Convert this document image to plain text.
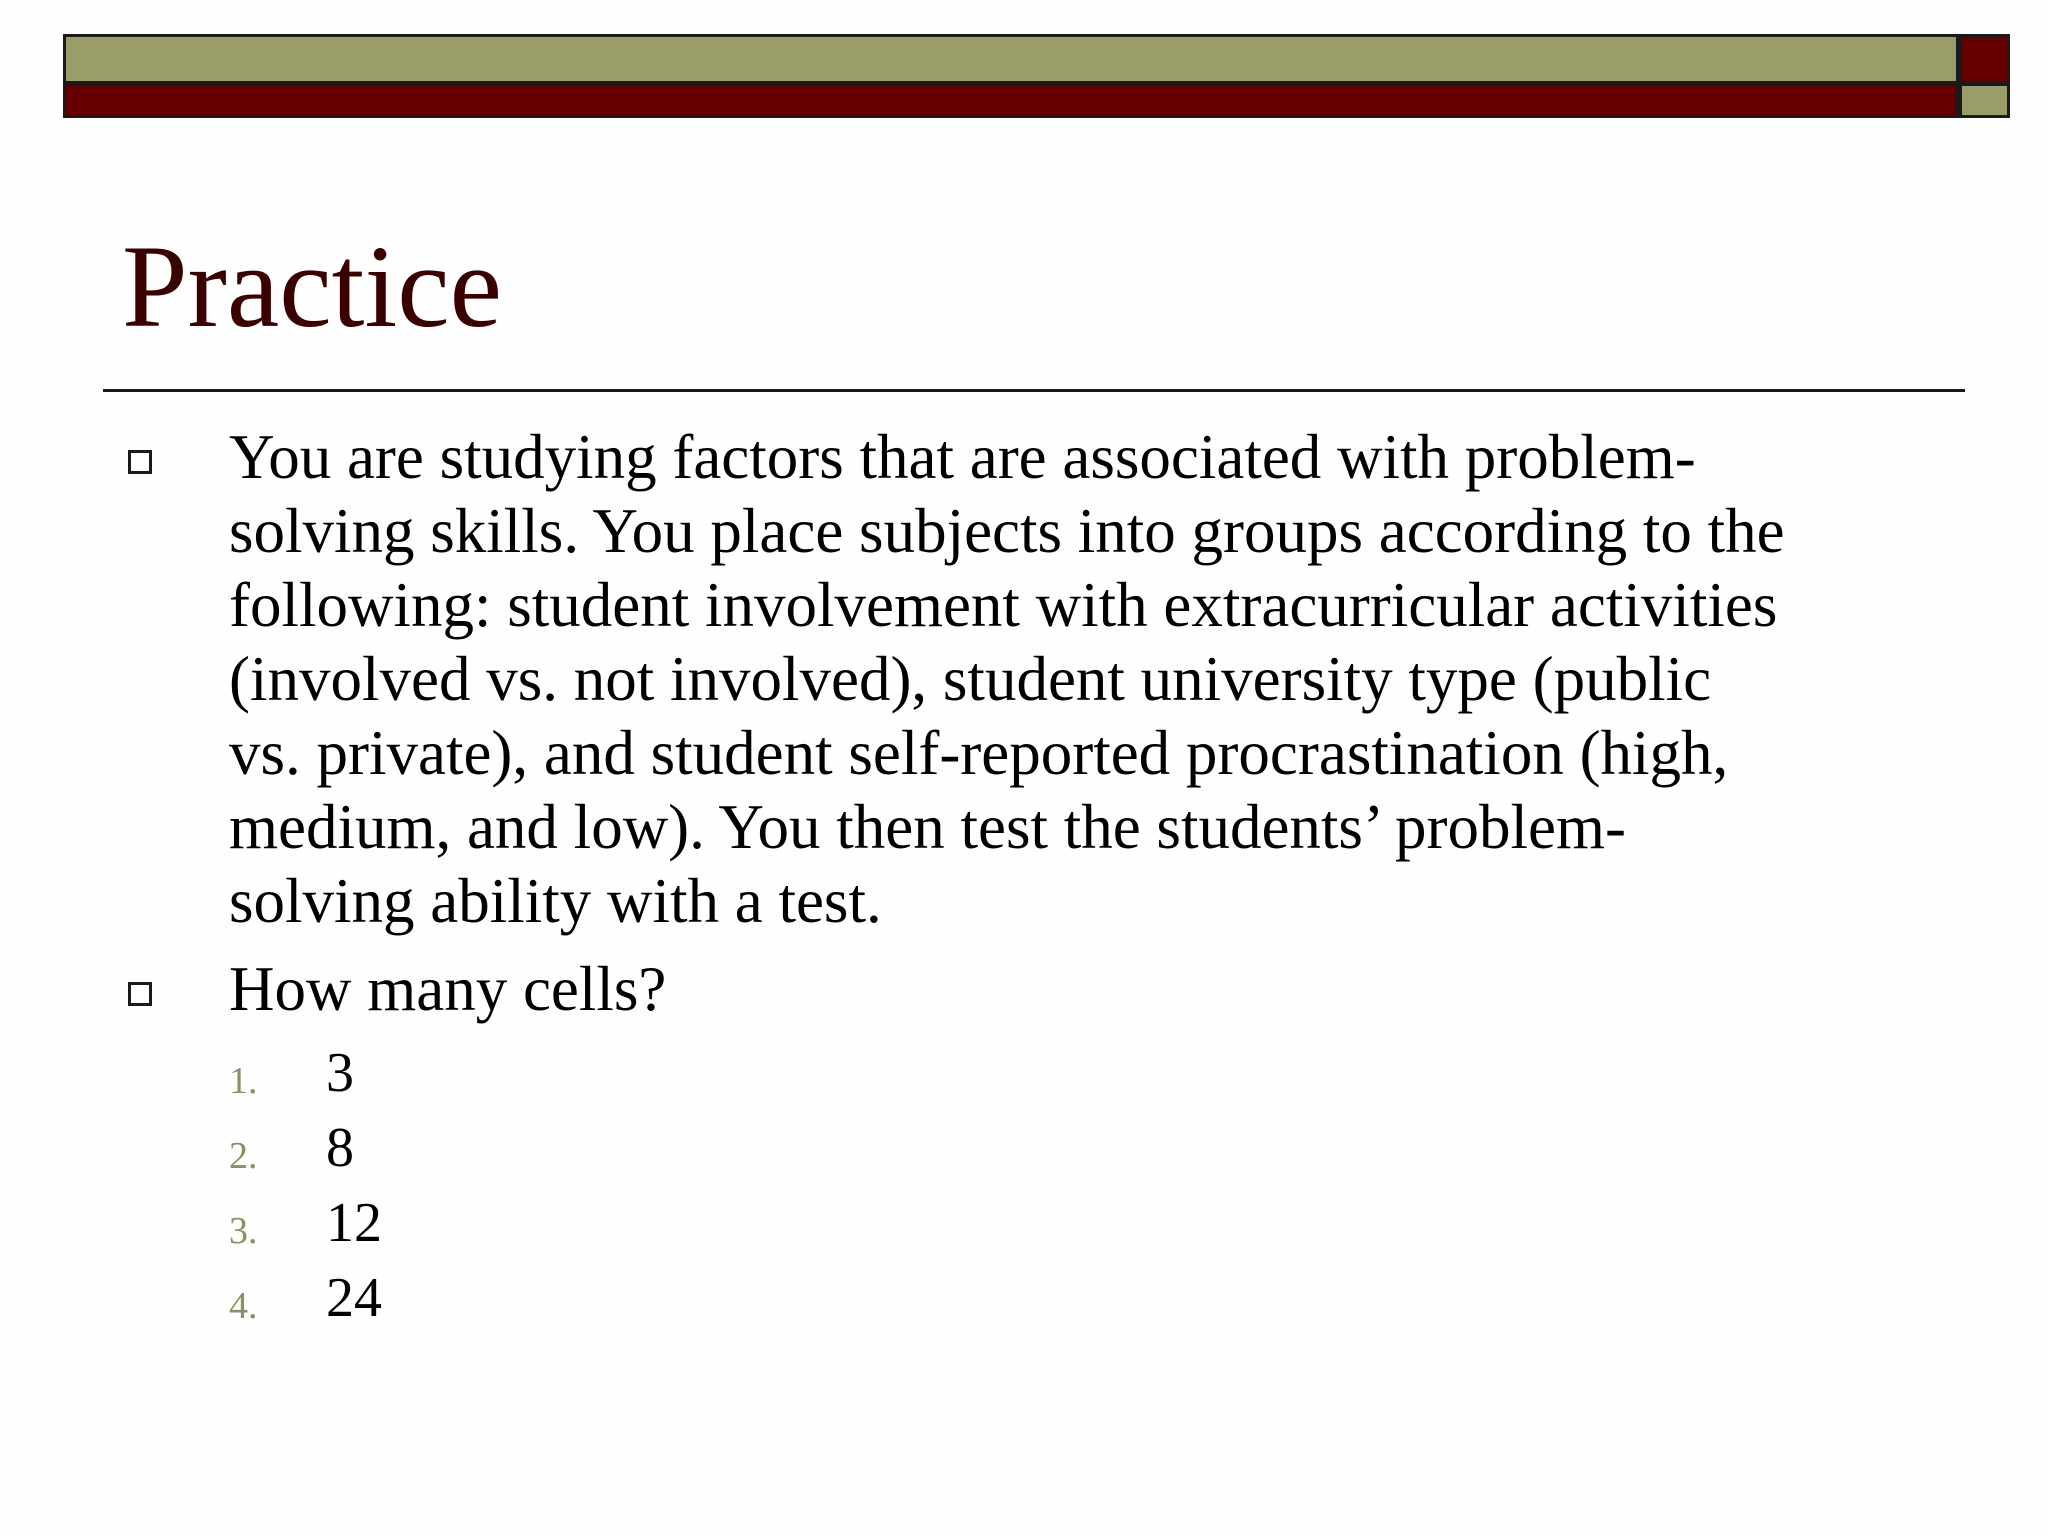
Practice
You are studying factors that are associated with problem-
solving skills. You place subjects into groups according to the
following: student involvement with extracurricular activities
(involved vs. not involved), student university type (public
vs. private), and student self-reported procrastination (high,
medium, and low). You then test the students’ problem-
solving ability with a test.
How many cells?
1. 3
2. 8
3. 12
4. 24
